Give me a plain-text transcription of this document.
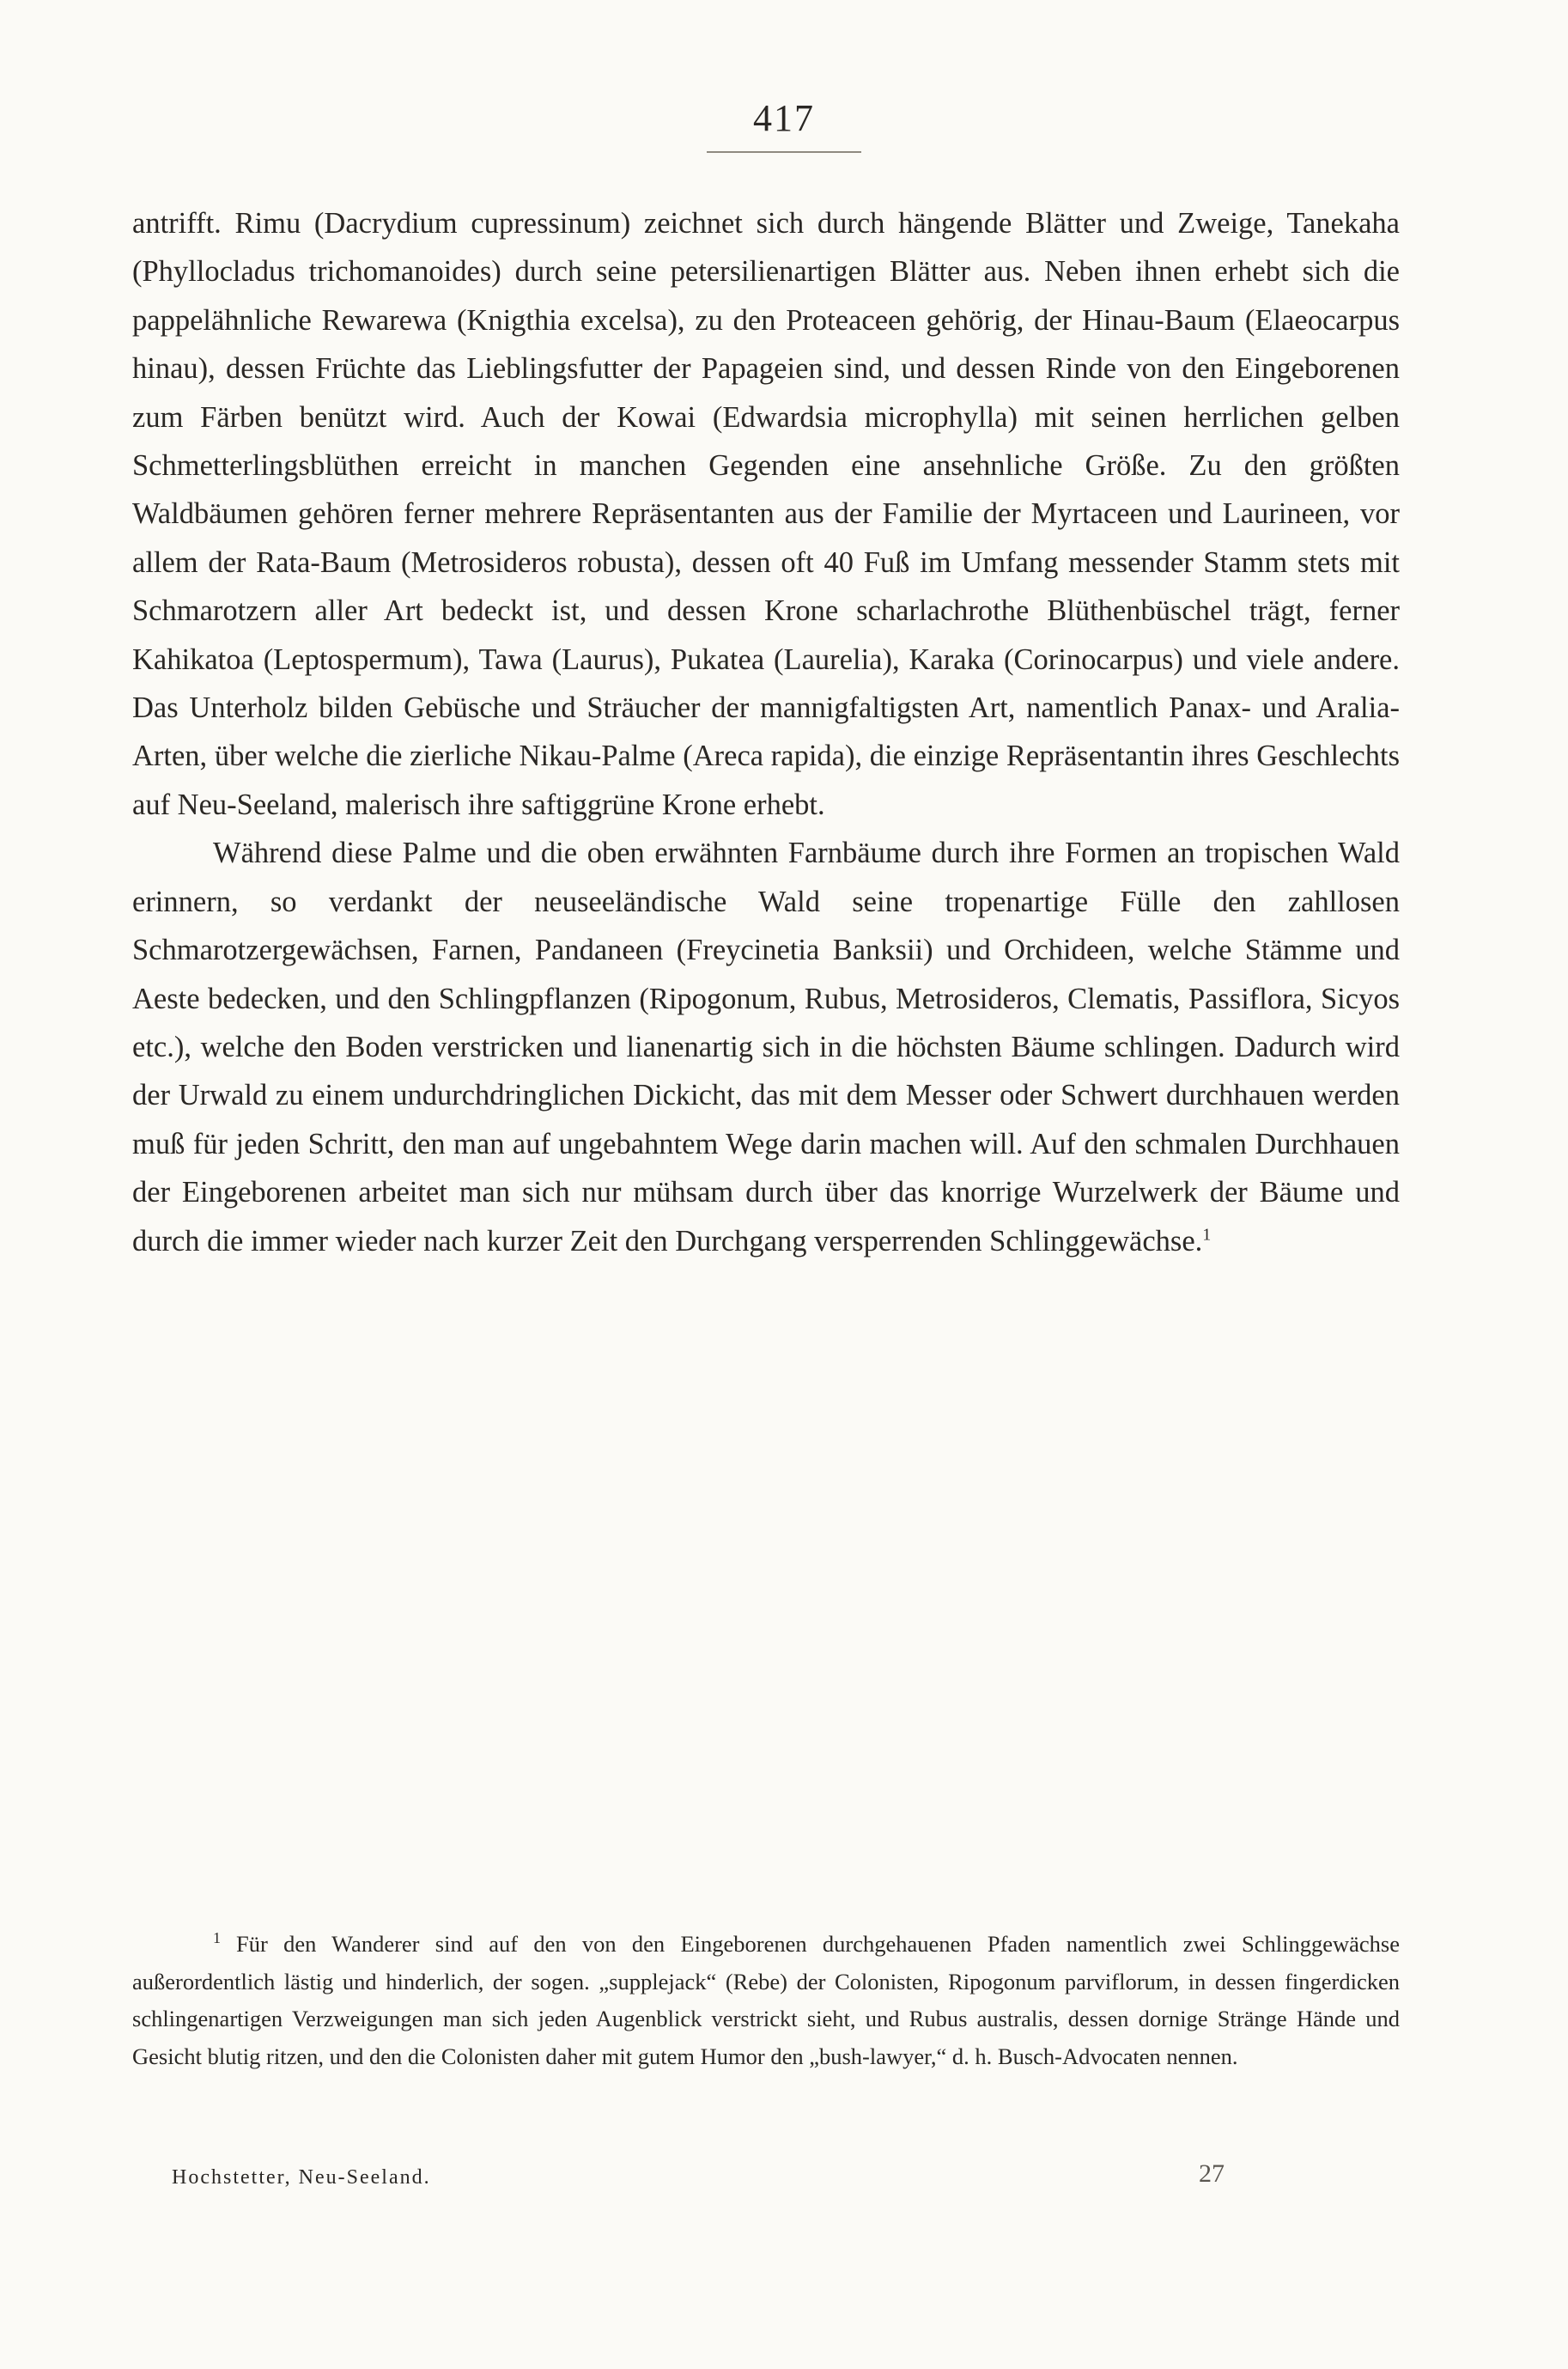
417

antrifft. Rimu (Dacrydium cupressinum) zeichnet sich durch hängende Blätter und Zweige, Tanekaha (Phyllocladus trichomanoides) durch seine petersilienartigen Blätter aus. Neben ihnen erhebt sich die pappelähnliche Rewarewa (Knigthia excelsa), zu den Proteaceen gehörig, der Hinau-Baum (Elaeocarpus hinau), dessen Früchte das Lieblingsfutter der Papageien sind, und dessen Rinde von den Eingeborenen zum Färben benützt wird. Auch der Kowai (Edwardsia microphylla) mit seinen herrlichen gelben Schmetterlingsblüthen erreicht in manchen Gegenden eine ansehnliche Größe. Zu den größten Waldbäumen gehören ferner mehrere Repräsentanten aus der Familie der Myrtaceen und Laurineen, vor allem der Rata-Baum (Metrosideros robusta), dessen oft 40 Fuß im Umfang messender Stamm stets mit Schmarotzern aller Art bedeckt ist, und dessen Krone scharlachrothe Blüthenbüschel trägt, ferner Kahikatoa (Leptospermum), Tawa (Laurus), Pukatea (Laurelia), Karaka (Corinocarpus) und viele andere. Das Unterholz bilden Gebüsche und Sträucher der mannigfaltigsten Art, namentlich Panax- und Aralia-Arten, über welche die zierliche Nikau-Palme (Areca rapida), die einzige Repräsentantin ihres Geschlechts auf Neu-Seeland, malerisch ihre saftiggrüne Krone erhebt.

Während diese Palme und die oben erwähnten Farnbäume durch ihre Formen an tropischen Wald erinnern, so verdankt der neuseeländische Wald seine tropenartige Fülle den zahllosen Schmarotzergewächsen, Farnen, Pandaneen (Freycinetia Banksii) und Orchideen, welche Stämme und Aeste bedecken, und den Schlingpflanzen (Ripogonum, Rubus, Metrosideros, Clematis, Passiflora, Sicyos etc.), welche den Boden verstricken und lianenartig sich in die höchsten Bäume schlingen. Dadurch wird der Urwald zu einem undurchdringlichen Dickicht, das mit dem Messer oder Schwert durchhauen werden muß für jeden Schritt, den man auf ungebahntem Wege darin machen will. Auf den schmalen Durchhauen der Eingeborenen arbeitet man sich nur mühsam durch über das knorrige Wurzelwerk der Bäume und durch die immer wieder nach kurzer Zeit den Durchgang versperrenden Schlinggewächse.$^1$

$^1$ Für den Wanderer sind auf den von den Eingeborenen durchgehauenen Pfaden namentlich zwei Schlinggewächse außerordentlich lästig und hinderlich, der sogen. „supplejack“ (Rebe) der Colonisten, Ripogonum parviflorum, in dessen fingerdicken schlingenartigen Verzweigungen man sich jeden Augenblick verstrickt sieht, und Rubus australis, dessen dornige Stränge Hände und Gesicht blutig ritzen, und den die Colonisten daher mit gutem Humor den „bush-lawyer,“ d. h. Busch-Advocaten nennen.

Hochstetter, Neu-Seeland.	27
